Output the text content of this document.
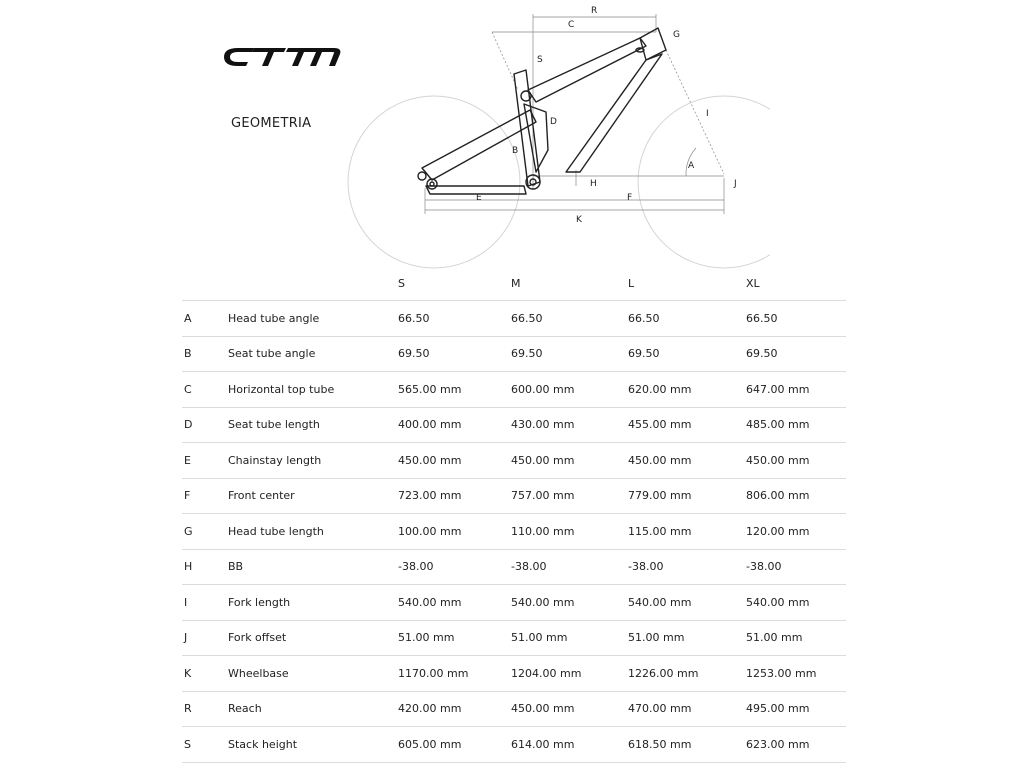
GEOMETRIA
R
C
G
S
I
D
B
A
H	J
E	F
K
		S	M	L	XL
A	Head tube angle	66.50	66.50	66.50	66.50
B	Seat tube angle	69.50	69.50	69.50	69.50
C	Horizontal top tube	565.00 mm	600.00 mm	620.00 mm	647.00 mm
D	Seat tube length	400.00 mm	430.00 mm	455.00 mm	485.00 mm
E	Chainstay length	450.00 mm	450.00 mm	450.00 mm	450.00 mm
F	Front center	723.00 mm	757.00 mm	779.00 mm	806.00 mm
G	Head tube length	100.00 mm	110.00 mm	115.00 mm	120.00 mm
H	BB	-38.00	-38.00	-38.00	-38.00
I	Fork length	540.00 mm	540.00 mm	540.00 mm	540.00 mm
J	Fork offset	51.00 mm	51.00 mm	51.00 mm	51.00 mm
K	Wheelbase	1170.00 mm	1204.00 mm	1226.00 mm	1253.00 mm
R	Reach	420.00 mm	450.00 mm	470.00 mm	495.00 mm
S	Stack height	605.00 mm	614.00 mm	618.50 mm	623.00 mm
